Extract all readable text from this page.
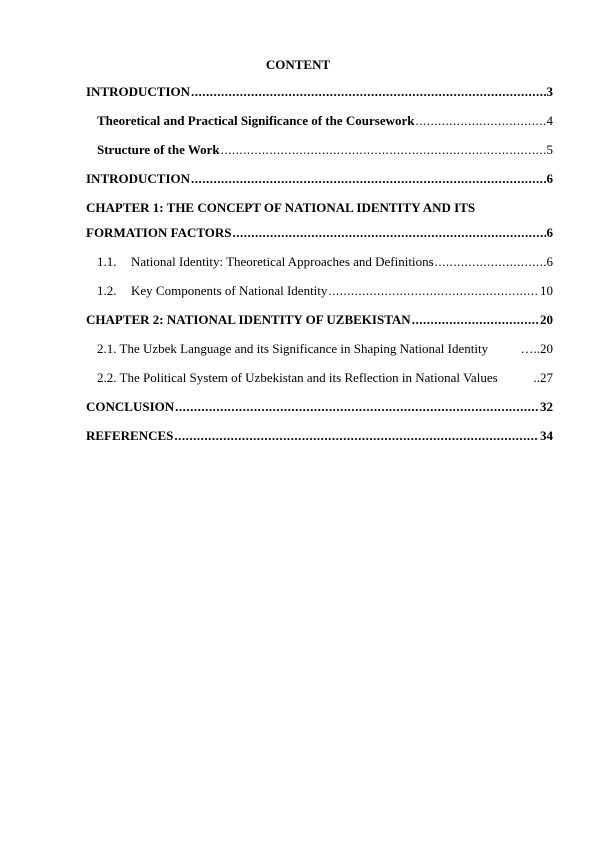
CONTENT
INTRODUCTION .....	3
Theoretical and Practical Significance of the Coursework .....	4
Structure of the Work .....	5
INTRODUCTION .....	6
CHAPTER 1: THE CONCEPT OF NATIONAL IDENTITY AND ITS
FORMATION FACTORS .....	6
1.1.	National Identity: Theoretical Approaches and Definitions .....	6
1.2.	Key Components of National Identity .....	10
CHAPTER 2: NATIONAL IDENTITY OF UZBEKISTAN .....	20
2.1. The Uzbek Language and its Significance in Shaping National Identity	….. 20
2.2. The Political System of Uzbekistan and its Reflection in National Values	.. 27
CONCLUSION .....	32
REFERENCES .....	34
